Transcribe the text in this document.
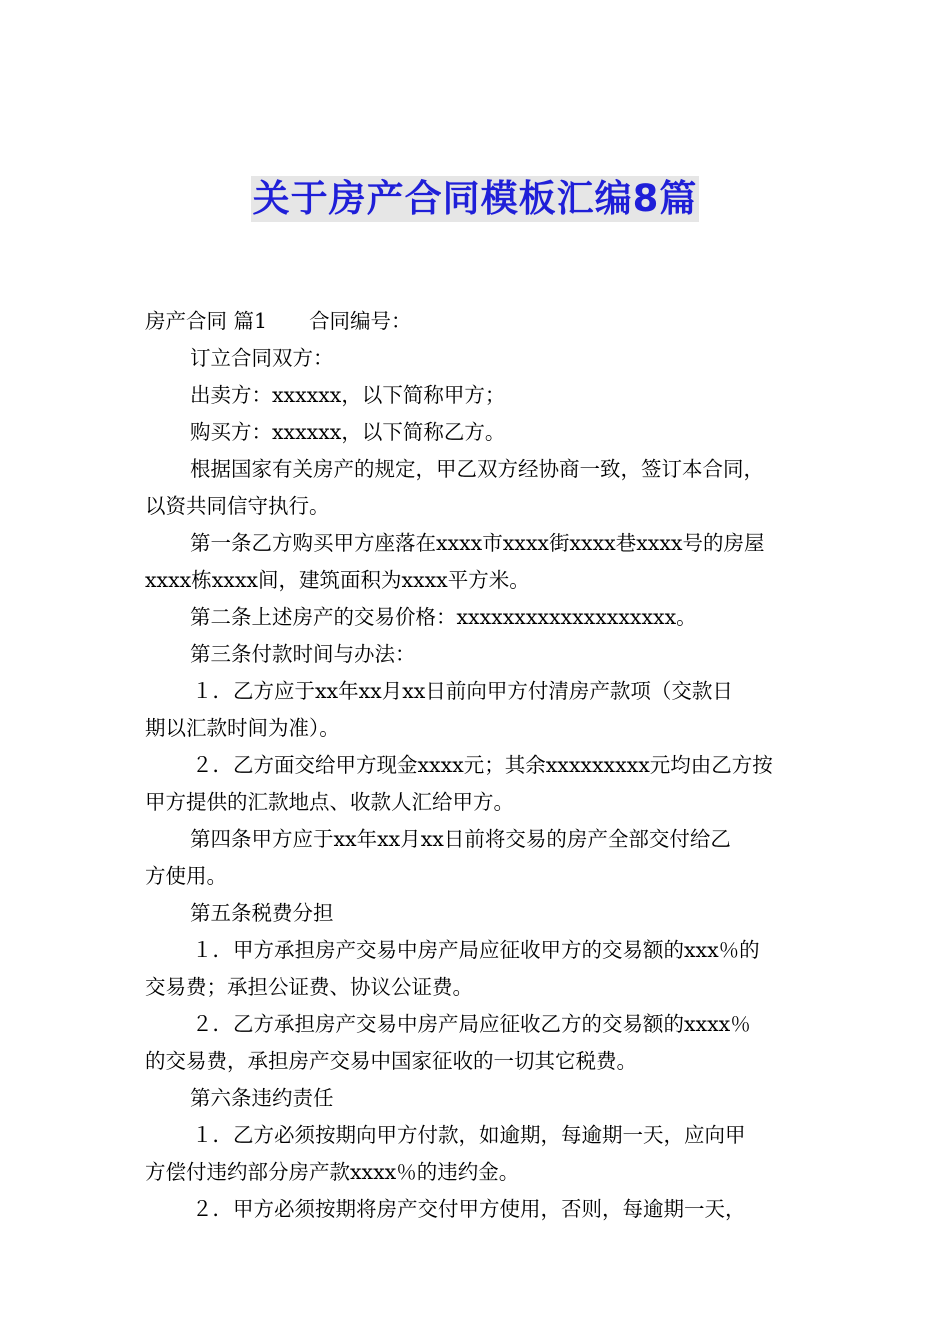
关于房产合同模板汇编8篇

房产合同 篇1 合同编号：

订立合同双方：

出卖方：xxxxxx，以下简称甲方；

购买方：xxxxxx，以下简称乙方。

根据国家有关房产的规定，甲乙双方经协商一致，签订本合同，

以资共同信守执行。

第一条乙方购买甲方座落在xxxx市xxxx街xxxx巷xxxx号的房屋

xxxx栋xxxx间，建筑面积为xxxx平方米。

第二条上述房产的交易价格：xxxxxxxxxxxxxxxxxxx。

第三条付款时间与办法：

１．乙方应于xx年xx月xx日前向甲方付清房产款项（交款日

期以汇款时间为准）。

２．乙方面交给甲方现金xxxx元；其余xxxxxxxxx元均由乙方按

甲方提供的汇款地点、收款人汇给甲方。

第四条甲方应于xx年xx月xx日前将交易的房产全部交付给乙

方使用。

第五条税费分担

１．甲方承担房产交易中房产局应征收甲方的交易额的xxx％的

交易费；承担公证费、协议公证费。

２．乙方承担房产交易中房产局应征收乙方的交易额的xxxx％

的交易费，承担房产交易中国家征收的一切其它税费。

第六条违约责任

１．乙方必须按期向甲方付款，如逾期，每逾期一天，应向甲

方偿付违约部分房产款xxxx％的违约金。

２．甲方必须按期将房产交付甲方使用，否则，每逾期一天，
